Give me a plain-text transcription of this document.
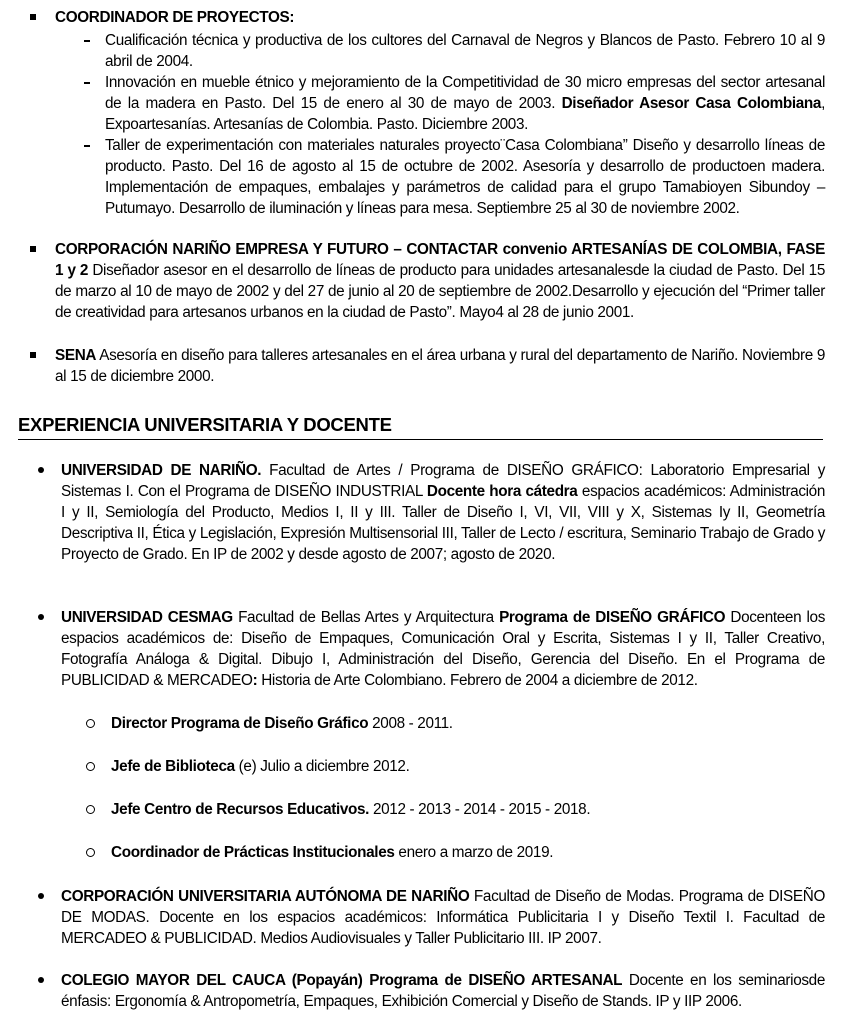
COORDINADOR DE PROYECTOS:
Cualificación técnica y productiva de los cultores del Carnaval de Negros y Blancos de Pasto. Febrero 10 al 9 abril de 2004.
Innovación en mueble étnico y mejoramiento de la Competitividad de 30 micro empresas del sector artesanal de la madera en Pasto. Del 15 de enero al 30 de mayo de 2003. Diseñador Asesor Casa Colombiana, Expoartesanías. Artesanías de Colombia. Pasto. Diciembre 2003.
Taller de experimentación con materiales naturales proyecto¨Casa Colombiana” Diseño y desarrollo líneas de producto. Pasto. Del 16 de agosto al 15 de octubre de 2002. Asesoría y desarrollo de productoen madera. Implementación de empaques, embalajes y parámetros de calidad para el grupo Tamabioyen Sibundoy – Putumayo. Desarrollo de iluminación y líneas para mesa. Septiembre 25 al 30 de noviembre 2002.
CORPORACIÓN NARIÑO EMPRESA Y FUTURO – CONTACTAR convenio ARTESANÍAS DE COLOMBIA, FASE 1 y 2 Diseñador asesor en el desarrollo de líneas de producto para unidades artesanalesde la ciudad de Pasto. Del 15 de marzo al 10 de mayo de 2002 y del 27 de junio al 20 de septiembre de 2002.Desarrollo y ejecución del “Primer taller de creatividad para artesanos urbanos en la ciudad de Pasto”. Mayo4 al 28 de junio 2001.
SENA Asesoría en diseño para talleres artesanales en el área urbana y rural del departamento de Nariño. Noviembre 9 al 15 de diciembre 2000.
EXPERIENCIA UNIVERSITARIA Y DOCENTE
UNIVERSIDAD DE NARIÑO. Facultad de Artes / Programa de DISEÑO GRÁFICO: Laboratorio Empresarial y Sistemas I. Con el Programa de DISEÑO INDUSTRIAL Docente hora cátedra espacios académicos: Administración I y II, Semiología del Producto, Medios I, II y III. Taller de Diseño I, VI, VII, VIII y X, Sistemas Iy II, Geometría Descriptiva II, Ética y Legislación, Expresión Multisensorial III, Taller de Lecto / escritura, Seminario Trabajo de Grado y Proyecto de Grado. En IP de 2002 y desde agosto de 2007; agosto de 2020.
UNIVERSIDAD CESMAG Facultad de Bellas Artes y Arquitectura Programa de DISEÑO GRÁFICO Docenteen los espacios académicos de: Diseño de Empaques, Comunicación Oral y Escrita, Sistemas I y II, Taller Creativo, Fotografía Análoga & Digital. Dibujo I, Administración del Diseño, Gerencia del Diseño. En el Programa de PUBLICIDAD & MERCADEO: Historia de Arte Colombiano. Febrero de 2004 a diciembre de 2012.
Director Programa de Diseño Gráfico 2008 - 2011.
Jefe de Biblioteca (e) Julio a diciembre 2012.
Jefe Centro de Recursos Educativos. 2012 - 2013 - 2014 - 2015 - 2018.
Coordinador de Prácticas Institucionales enero a marzo de 2019.
CORPORACIÓN UNIVERSITARIA AUTÓNOMA DE NARIÑO Facultad de Diseño de Modas. Programa de DISEÑO DE MODAS. Docente en los espacios académicos: Informática Publicitaria I y Diseño Textil I. Facultad de MERCADEO & PUBLICIDAD. Medios Audiovisuales y Taller Publicitario III. IP 2007.
COLEGIO MAYOR DEL CAUCA (Popayán) Programa de DISEÑO ARTESANAL Docente en los seminariosde énfasis: Ergonomía & Antropometría, Empaques, Exhibición Comercial y Diseño de Stands. IP y IIP 2006.
